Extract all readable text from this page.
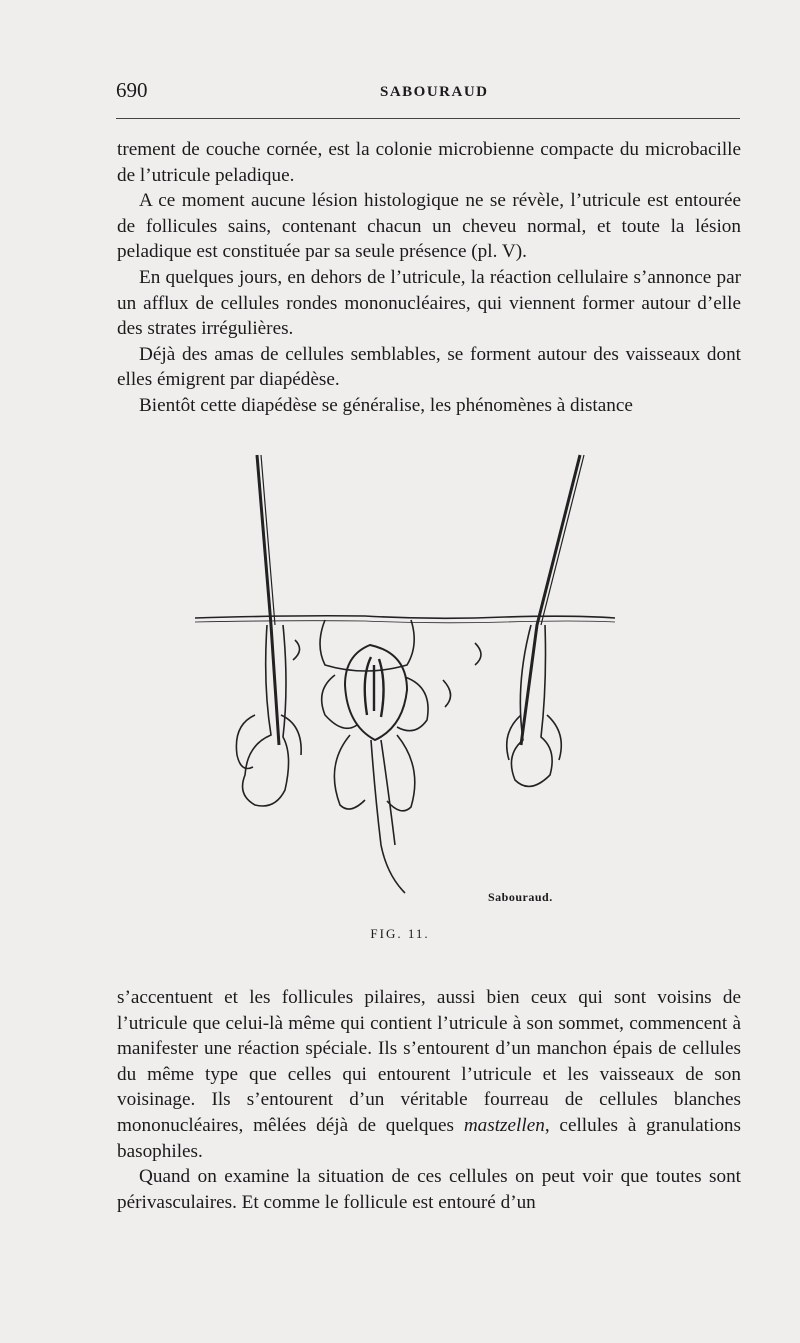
690	SABOURAUD

trement de couche cornée, est la colonie microbienne compacte du microbacille de l’utricule peladique.

A ce moment aucune lésion histologique ne se révèle, l’utricule est entourée de follicules sains, contenant chacun un cheveu normal, et toute la lésion peladique est constituée par sa seule présence (pl. V).

En quelques jours, en dehors de l’utricule, la réaction cellulaire s’annonce par un afflux de cellules rondes mononucléaires, qui viennent former autour d’elle des strates irrégulières.

Déjà des amas de cellules semblables, se forment autour des vaisseaux dont elles émigrent par diapédèse.

Bientôt cette diapédèse se généralise, les phénomènes à distance

Sabouraud.
FIG. 11.

s’accentuent et les follicules pilaires, aussi bien ceux qui sont voisins de l’utricule que celui-là même qui contient l’utricule à son sommet, commencent à manifester une réaction spéciale. Ils s’entourent d’un manchon épais de cellules du même type que celles qui entourent l’utricule et les vaisseaux de son voisinage. Ils s’entourent d’un véritable fourreau de cellules blanches mononucléaires, mêlées déjà de quelques mastzellen, cellules à granulations basophiles.

Quand on examine la situation de ces cellules on peut voir que toutes sont périvasculaires. Et comme le follicule est entouré d’un
